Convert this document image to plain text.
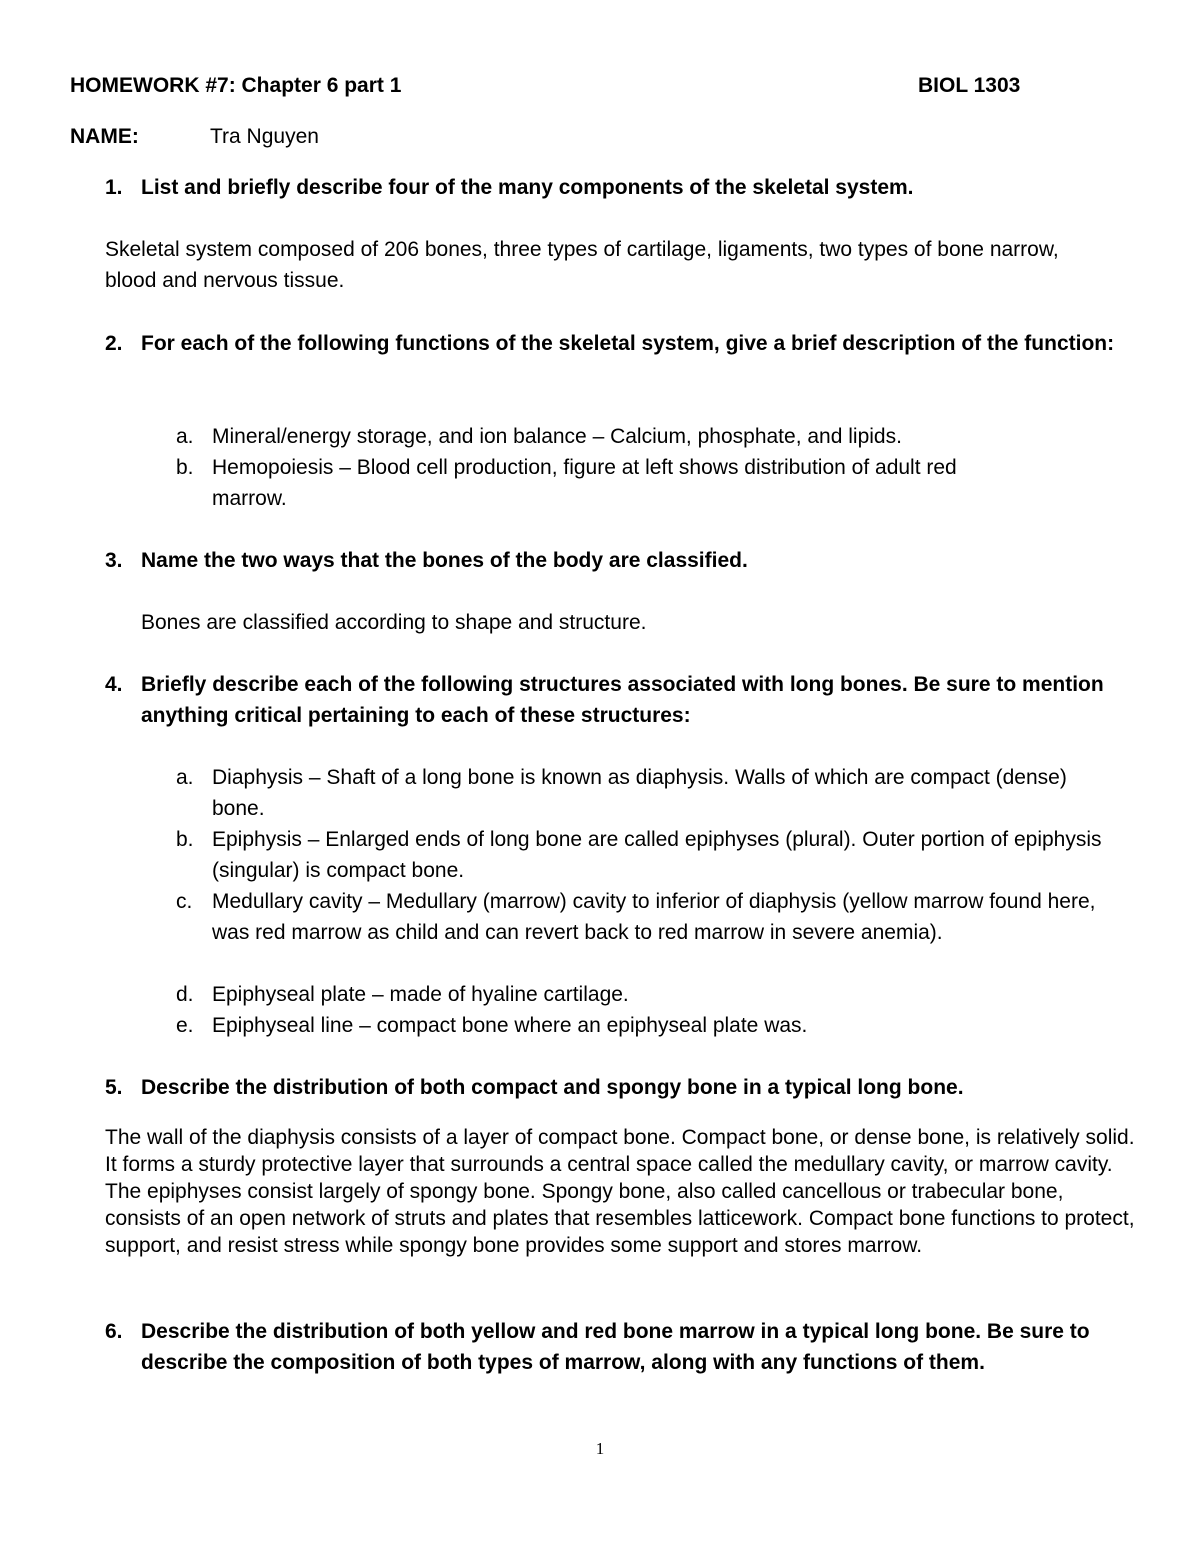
HOMEWORK #7: Chapter 6 part 1	BIOL 1303
NAME:	Tra Nguyen
1. List and briefly describe four of the many components of the skeletal system.
Skeletal system composed of 206 bones, three types of cartilage, ligaments, two types of bone narrow, blood and nervous tissue.
2. For each of the following functions of the skeletal system, give a brief description of the function:
a. Mineral/energy storage, and ion balance – Calcium, phosphate, and lipids.
b. Hemopoiesis – Blood cell production, figure at left shows distribution of adult red marrow.
3. Name the two ways that the bones of the body are classified.
Bones are classified according to shape and structure.
4. Briefly describe each of the following structures associated with long bones. Be sure to mention anything critical pertaining to each of these structures:
a. Diaphysis – Shaft of a long bone is known as diaphysis. Walls of which are compact (dense) bone.
b. Epiphysis – Enlarged ends of long bone are called epiphyses (plural). Outer portion of epiphysis (singular) is compact bone.
c. Medullary cavity – Medullary (marrow) cavity to inferior of diaphysis (yellow marrow found here, was red marrow as child and can revert back to red marrow in severe anemia).
d. Epiphyseal plate – made of hyaline cartilage.
e. Epiphyseal line – compact bone where an epiphyseal plate was.
5. Describe the distribution of both compact and spongy bone in a typical long bone.
The wall of the diaphysis consists of a layer of compact bone. Compact bone, or dense bone, is relatively solid. It forms a sturdy protective layer that surrounds a central space called the medullary cavity, or marrow cavity. The epiphyses consist largely of spongy bone. Spongy bone, also called cancellous or trabecular bone, consists of an open network of struts and plates that resembles latticework. Compact bone functions to protect, support, and resist stress while spongy bone provides some support and stores marrow.
6. Describe the distribution of both yellow and red bone marrow in a typical long bone. Be sure to describe the composition of both types of marrow, along with any functions of them.
1
